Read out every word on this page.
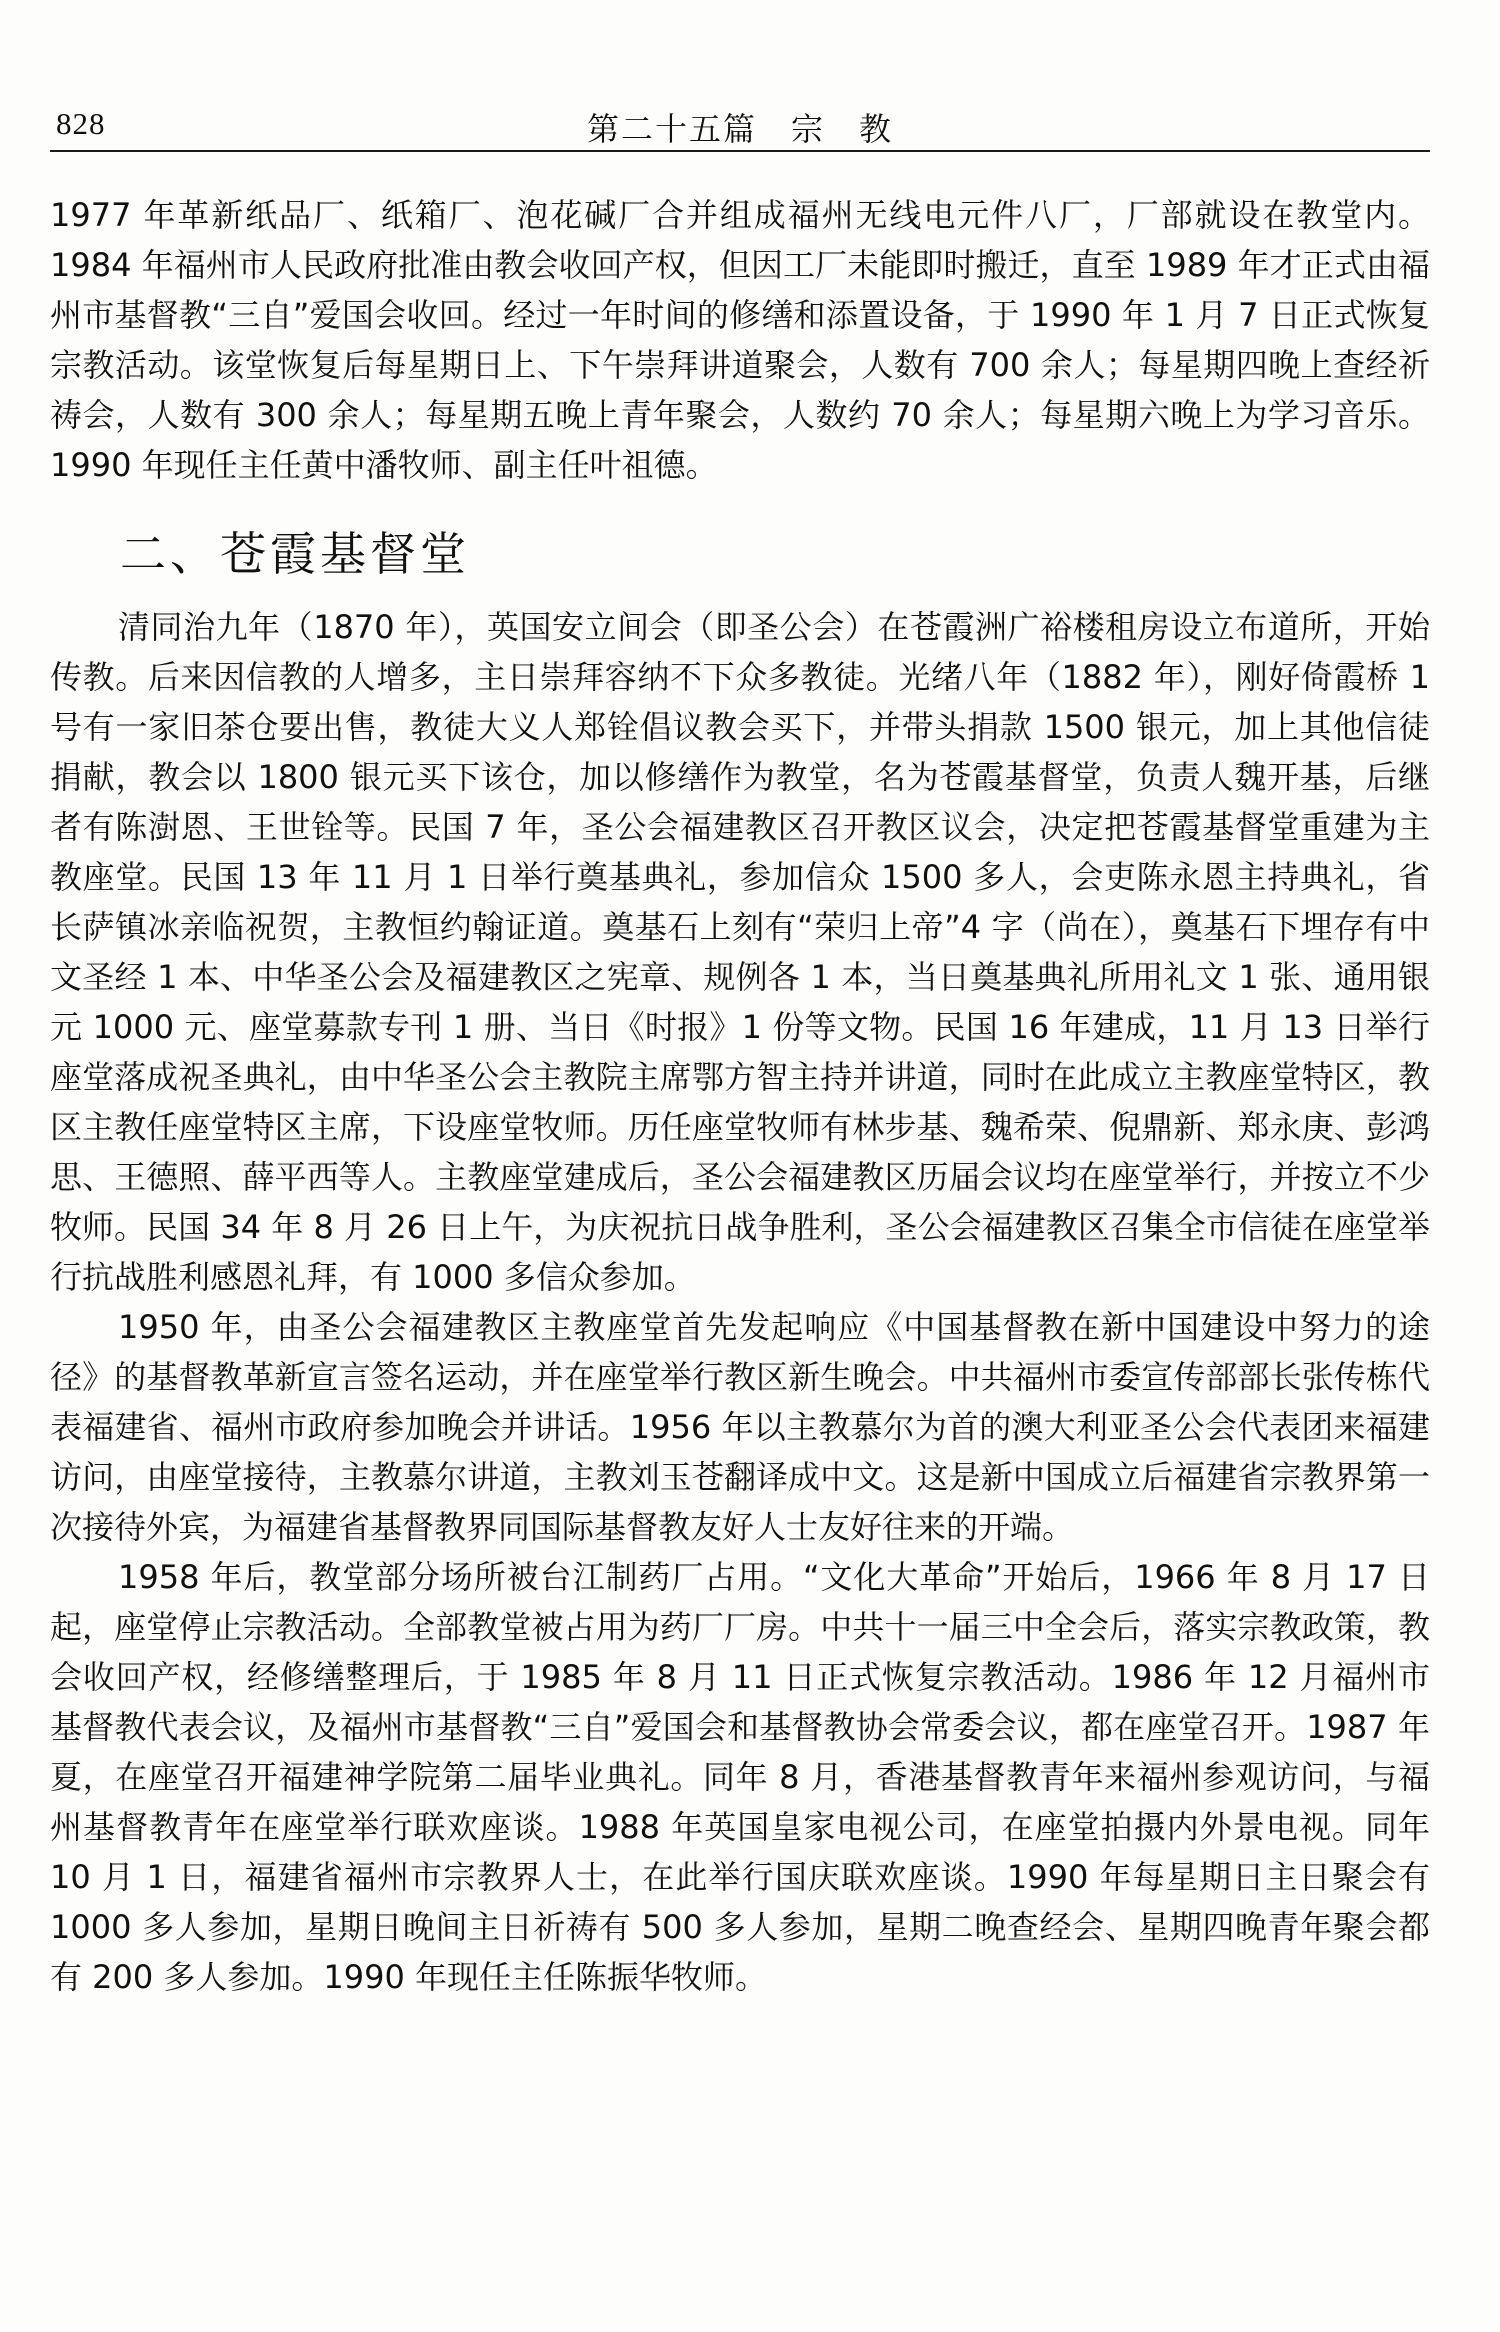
828	第二十五篇　宗　教

1977 年革新纸品厂、纸箱厂、泡花碱厂合并组成福州无线电元件八厂，厂部就设在教堂内。1984 年福州市人民政府批准由教会收回产权，但因工厂未能即时搬迁，直至 1989 年才正式由福州市基督教“三自”爱国会收回。经过一年时间的修缮和添置设备，于 1990 年 1 月 7 日正式恢复宗教活动。该堂恢复后每星期日上、下午崇拜讲道聚会，人数有 700 余人；每星期四晚上查经祈祷会，人数有 300 余人；每星期五晚上青年聚会，人数约 70 余人；每星期六晚上为学习音乐。1990 年现任主任黄中潘牧师、副主任叶祖德。

二、苍霞基督堂

清同治九年（1870 年），英国安立间会（即圣公会）在苍霞洲广裕楼租房设立布道所，开始传教。后来因信教的人增多，主日崇拜容纳不下众多教徒。光绪八年（1882 年），刚好倚霞桥 1 号有一家旧茶仓要出售，教徒大义人郑铨倡议教会买下，并带头捐款 1500 银元，加上其他信徒捐献，教会以 1800 银元买下该仓，加以修缮作为教堂，名为苍霞基督堂，负责人魏开基，后继者有陈澍恩、王世铨等。民国 7 年，圣公会福建教区召开教区议会，决定把苍霞基督堂重建为主教座堂。民国 13 年 11 月 1 日举行奠基典礼，参加信众 1500 多人，会吏陈永恩主持典礼，省长萨镇冰亲临祝贺，主教恒约翰证道。奠基石上刻有“荣归上帝”4 字（尚在），奠基石下埋存有中文圣经 1 本、中华圣公会及福建教区之宪章、规例各 1 本，当日奠基典礼所用礼文 1 张、通用银元 1000 元、座堂募款专刊 1 册、当日《时报》1 份等文物。民国 16 年建成，11 月 13 日举行座堂落成祝圣典礼，由中华圣公会主教院主席鄂方智主持并讲道，同时在此成立主教座堂特区，教区主教任座堂特区主席，下设座堂牧师。历任座堂牧师有林步基、魏希荣、倪鼎新、郑永庚、彭鸿思、王德照、薛平西等人。主教座堂建成后，圣公会福建教区历届会议均在座堂举行，并按立不少牧师。民国 34 年 8 月 26 日上午，为庆祝抗日战争胜利，圣公会福建教区召集全市信徒在座堂举行抗战胜利感恩礼拜，有 1000 多信众参加。

1950 年，由圣公会福建教区主教座堂首先发起响应《中国基督教在新中国建设中努力的途径》的基督教革新宣言签名运动，并在座堂举行教区新生晚会。中共福州市委宣传部部长张传栋代表福建省、福州市政府参加晚会并讲话。1956 年以主教慕尔为首的澳大利亚圣公会代表团来福建访问，由座堂接待，主教慕尔讲道，主教刘玉苍翻译成中文。这是新中国成立后福建省宗教界第一次接待外宾，为福建省基督教界同国际基督教友好人士友好往来的开端。

1958 年后，教堂部分场所被台江制药厂占用。“文化大革命”开始后，1966 年 8 月 17 日起，座堂停止宗教活动。全部教堂被占用为药厂厂房。中共十一届三中全会后，落实宗教政策，教会收回产权，经修缮整理后，于 1985 年 8 月 11 日正式恢复宗教活动。1986 年 12 月福州市基督教代表会议，及福州市基督教“三自”爱国会和基督教协会常委会议，都在座堂召开。1987 年夏，在座堂召开福建神学院第二届毕业典礼。同年 8 月，香港基督教青年来福州参观访问，与福州基督教青年在座堂举行联欢座谈。1988 年英国皇家电视公司，在座堂拍摄内外景电视。同年 10 月 1 日，福建省福州市宗教界人士，在此举行国庆联欢座谈。1990 年每星期日主日聚会有 1000 多人参加，星期日晚间主日祈祷有 500 多人参加，星期二晚查经会、星期四晚青年聚会都有 200 多人参加。1990 年现任主任陈振华牧师。
